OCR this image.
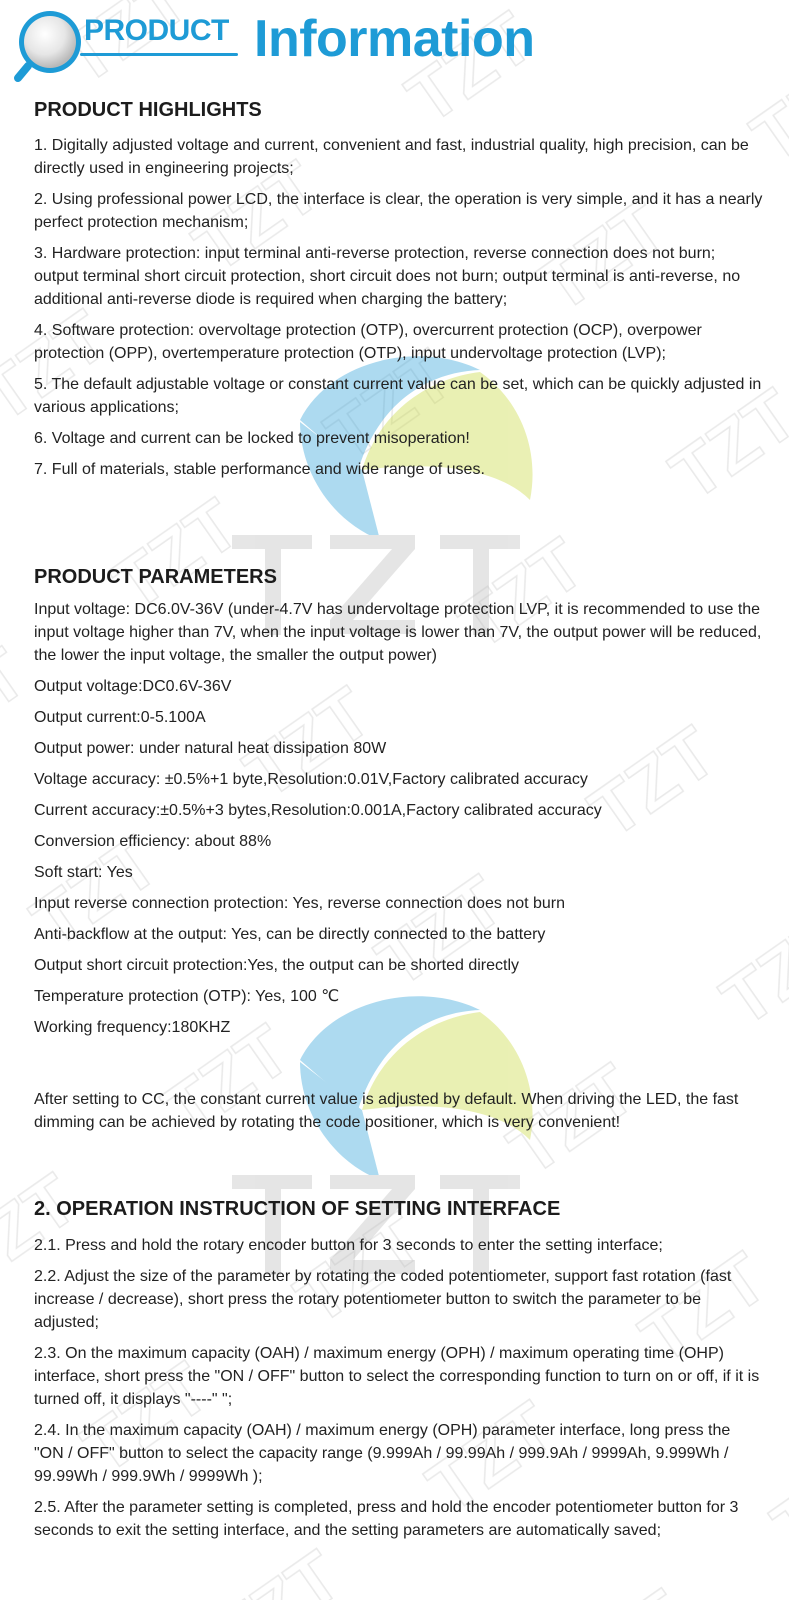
PRODUCT Information
PRODUCT HIGHLIGHTS

1. Digitally adjusted voltage and current, convenient and fast, industrial quality, high precision, can be directly used in engineering projects;

2. Using professional power LCD, the interface is clear, the operation is very simple, and it has a nearly perfect protection mechanism;

3. Hardware protection: input terminal anti-reverse protection, reverse connection does not burn; output terminal short circuit protection, short circuit does not burn; output terminal is anti-reverse, no additional anti-reverse diode is required when charging the battery;

4. Software protection: overvoltage protection (OTP), overcurrent protection (OCP), overpower protection (OPP), overtemperature protection (OTP), input undervoltage protection (LVP);

5. The default adjustable voltage or constant current value can be set, which can be quickly adjusted in various applications;

6. Voltage and current can be locked to prevent misoperation!

7. Full of materials, stable performance and wide range of uses.

PRODUCT PARAMETERS

Input voltage: DC6.0V-36V (under-4.7V has undervoltage protection LVP, it is recommended to use the input voltage higher than 7V, when the input voltage is lower than 7V, the output power will be reduced, the lower the input voltage, the smaller the output power)

Output voltage:DC0.6V-36V

Output current:0-5.100A

Output power: under natural heat dissipation 80W

Voltage accuracy: ±0.5%+1 byte,Resolution:0.01V,Factory calibrated accuracy

Current accuracy:±0.5%+3 bytes,Resolution:0.001A,Factory calibrated accuracy

Conversion efficiency: about 88%

Soft start: Yes

Input reverse connection protection: Yes, reverse connection does not burn

Anti-backflow at the output: Yes, can be directly connected to the battery

Output short circuit protection:Yes, the output can be shorted directly

Temperature protection (OTP): Yes, 100 ℃

Working frequency:180KHZ

After setting to CC, the constant current value is adjusted by default. When driving the LED, the fast dimming can be achieved by rotating the code positioner, which is very convenient!

2. OPERATION INSTRUCTION OF SETTING INTERFACE

2.1. Press and hold the rotary encoder button for 3 seconds to enter the setting interface;

2.2. Adjust the size of the parameter by rotating the coded potentiometer, support fast rotation (fast increase / decrease), short press the rotary potentiometer button to switch the parameter to be adjusted;

2.3. On the maximum capacity (OAH) / maximum energy (OPH) / maximum operating time (OHP) interface, short press the "ON / OFF" button to select the corresponding function to turn on or off, if it is turned off, it displays "----" ";

2.4. In the maximum capacity (OAH) / maximum energy (OPH) parameter interface, long press the "ON / OFF" button to select the capacity range (9.999Ah / 99.99Ah / 999.9Ah / 9999Ah, 9.999Wh / 99.99Wh / 999.9Wh / 9999Wh );

2.5. After the parameter setting is completed, press and hold the encoder potentiometer button for 3 seconds to exit the setting interface, and the setting parameters are automatically saved;
